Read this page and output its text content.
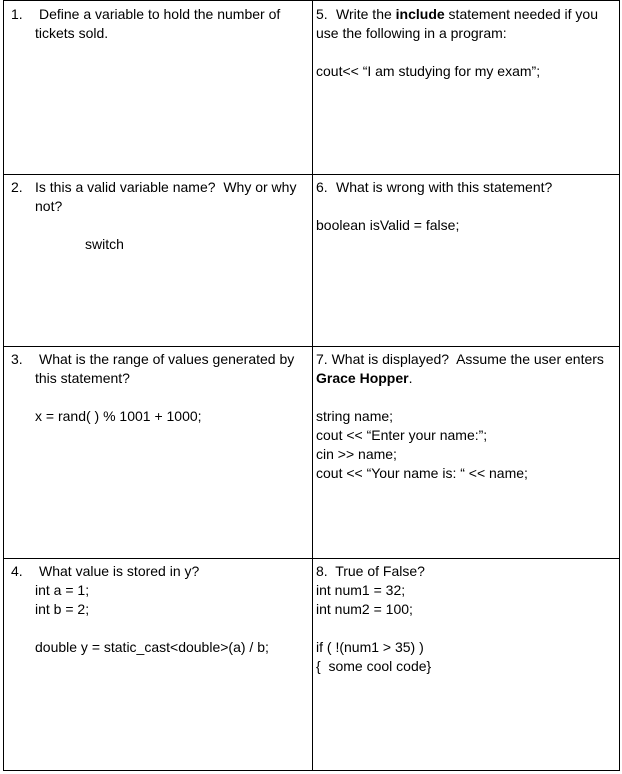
1. Define a variable to hold the number of
tickets sold.
5. Write the include statement needed if you
use the following in a program:
cout<< “I am studying for my exam”;
2. Is this a valid variable name?  Why or why
not?
switch
6. What is wrong with this statement?
boolean isValid = false;
3. What is the range of values generated by
this statement?
x = rand( ) % 1001 + 1000;
7. What is displayed?  Assume the user enters
Grace Hopper.
string name;
cout << “Enter your name:”;
cin >> name;
cout << “Your name is: “ << name;
4. What value is stored in y?
int a = 1;
int b = 2;
double y = static_cast<double>(a) / b;
8.  True of False?
int num1 = 32;
int num2 = 100;
if ( !(num1 > 35) )
{  some cool code}
